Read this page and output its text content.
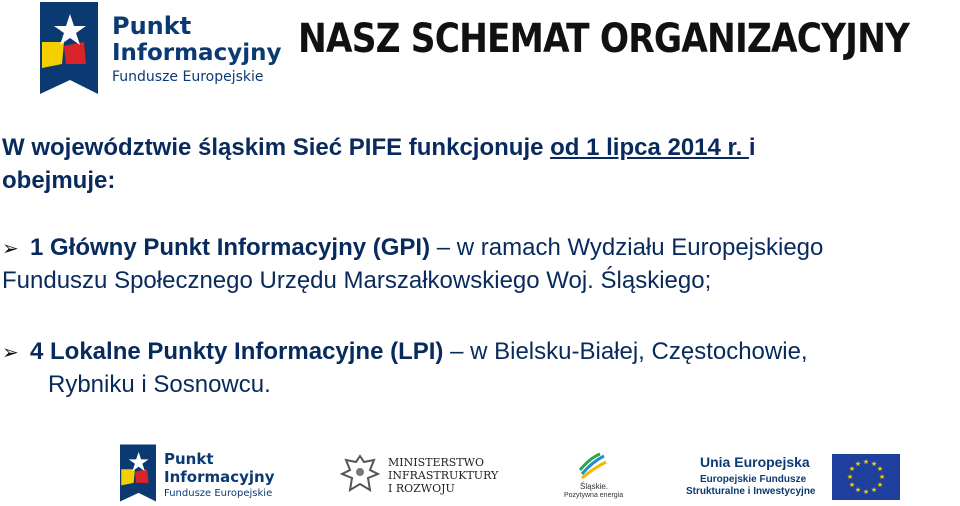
Punkt
Informacyjny
Fundusze Europejskie
NASZ SCHEMAT ORGANIZACYJNY
W województwie śląskim Sieć PIFE funkcjonuje od 1 lipca 2014 r. i
obejmuje:
➢ 1 Główny Punkt Informacyjny (GPI) – w ramach Wydziału Europejskiego
Funduszu Społecznego Urzędu Marszałkowskiego Woj. Śląskiego;
➢ 4 Lokalne Punkty Informacyjne (LPI) – w Bielsku-Białej, Częstochowie,
Rybniku i Sosnowcu.
Punkt
Informacyjny
Fundusze Europejskie
MINISTERSTWO
INFRASTRUKTURY
I ROZWOJU	Śląskie.
Pozytywna energia
Unia Europejska
Europejskie Fundusze
Strukturalne i Inwestycyjne
★ ★
★
★
★
★
★
★
★
★
★
★
